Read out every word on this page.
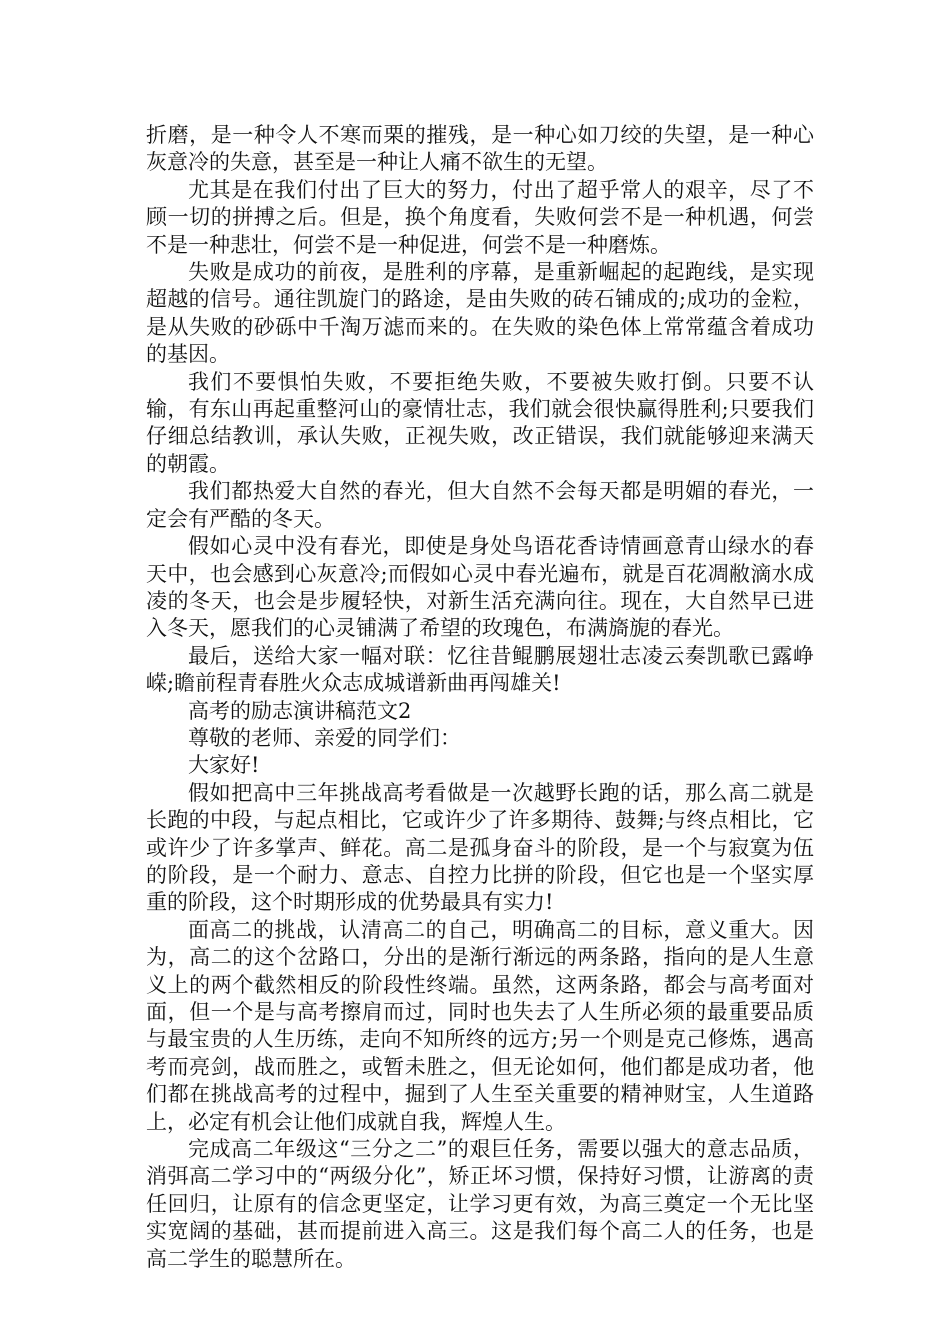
折磨，是一种令人不寒而栗的摧残，是一种心如刀绞的失望，是一种心灰意冷的失意，甚至是一种让人痛不欲生的无望。

尤其是在我们付出了巨大的努力，付出了超乎常人的艰辛，尽了不顾一切的拼搏之后。但是，换个角度看，失败何尝不是一种机遇，何尝不是一种悲壮，何尝不是一种促进，何尝不是一种磨炼。

失败是成功的前夜，是胜利的序幕，是重新崛起的起跑线，是实现超越的信号。通往凯旋门的路途，是由失败的砖石铺成的;成功的金粒，是从失败的砂砾中千淘万滤而来的。在失败的染色体上常常蕴含着成功的基因。

我们不要惧怕失败，不要拒绝失败，不要被失败打倒。只要不认输，有东山再起重整河山的豪情壮志，我们就会很快赢得胜利;只要我们仔细总结教训，承认失败，正视失败，改正错误，我们就能够迎来满天的朝霞。

我们都热爱大自然的春光，但大自然不会每天都是明媚的春光，一定会有严酷的冬天。

假如心灵中没有春光，即使是身处鸟语花香诗情画意青山绿水的春天中，也会感到心灰意冷;而假如心灵中春光遍布，就是百花凋敝滴水成凌的冬天，也会是步履轻快，对新生活充满向往。现在，大自然早已进入冬天，愿我们的心灵铺满了希望的玫瑰色，布满旖旎的春光。

最后，送给大家一幅对联：忆往昔鲲鹏展翅壮志凌云奏凯歌已露峥嵘;瞻前程青春胜火众志成城谱新曲再闯雄关!

高考的励志演讲稿范文2

尊敬的老师、亲爱的同学们：

大家好!

假如把高中三年挑战高考看做是一次越野长跑的话，那么高二就是长跑的中段，与起点相比，它或许少了许多期待、鼓舞;与终点相比，它或许少了许多掌声、鲜花。高二是孤身奋斗的阶段，是一个与寂寞为伍的阶段，是一个耐力、意志、自控力比拼的阶段，但它也是一个坚实厚重的阶段，这个时期形成的优势最具有实力!

面高二的挑战，认清高二的自己，明确高二的目标，意义重大。因为，高二的这个岔路口，分出的是渐行渐远的两条路，指向的是人生意义上的两个截然相反的阶段性终端。虽然，这两条路，都会与高考面对面，但一个是与高考擦肩而过，同时也失去了人生所必须的最重要品质与最宝贵的人生历练，走向不知所终的远方;另一个则是克己修炼，遇高考而亮剑，战而胜之，或暂未胜之，但无论如何，他们都是成功者，他们都在挑战高考的过程中，掘到了人生至关重要的精神财宝，人生道路上，必定有机会让他们成就自我，辉煌人生。

完成高二年级这“三分之二”的艰巨任务，需要以强大的意志品质，消弭高二学习中的“两级分化”，矫正坏习惯，保持好习惯，让游离的责任回归，让原有的信念更坚定，让学习更有效，为高三奠定一个无比坚实宽阔的基础，甚而提前进入高三。这是我们每个高二人的任务，也是高二学生的聪慧所在。
